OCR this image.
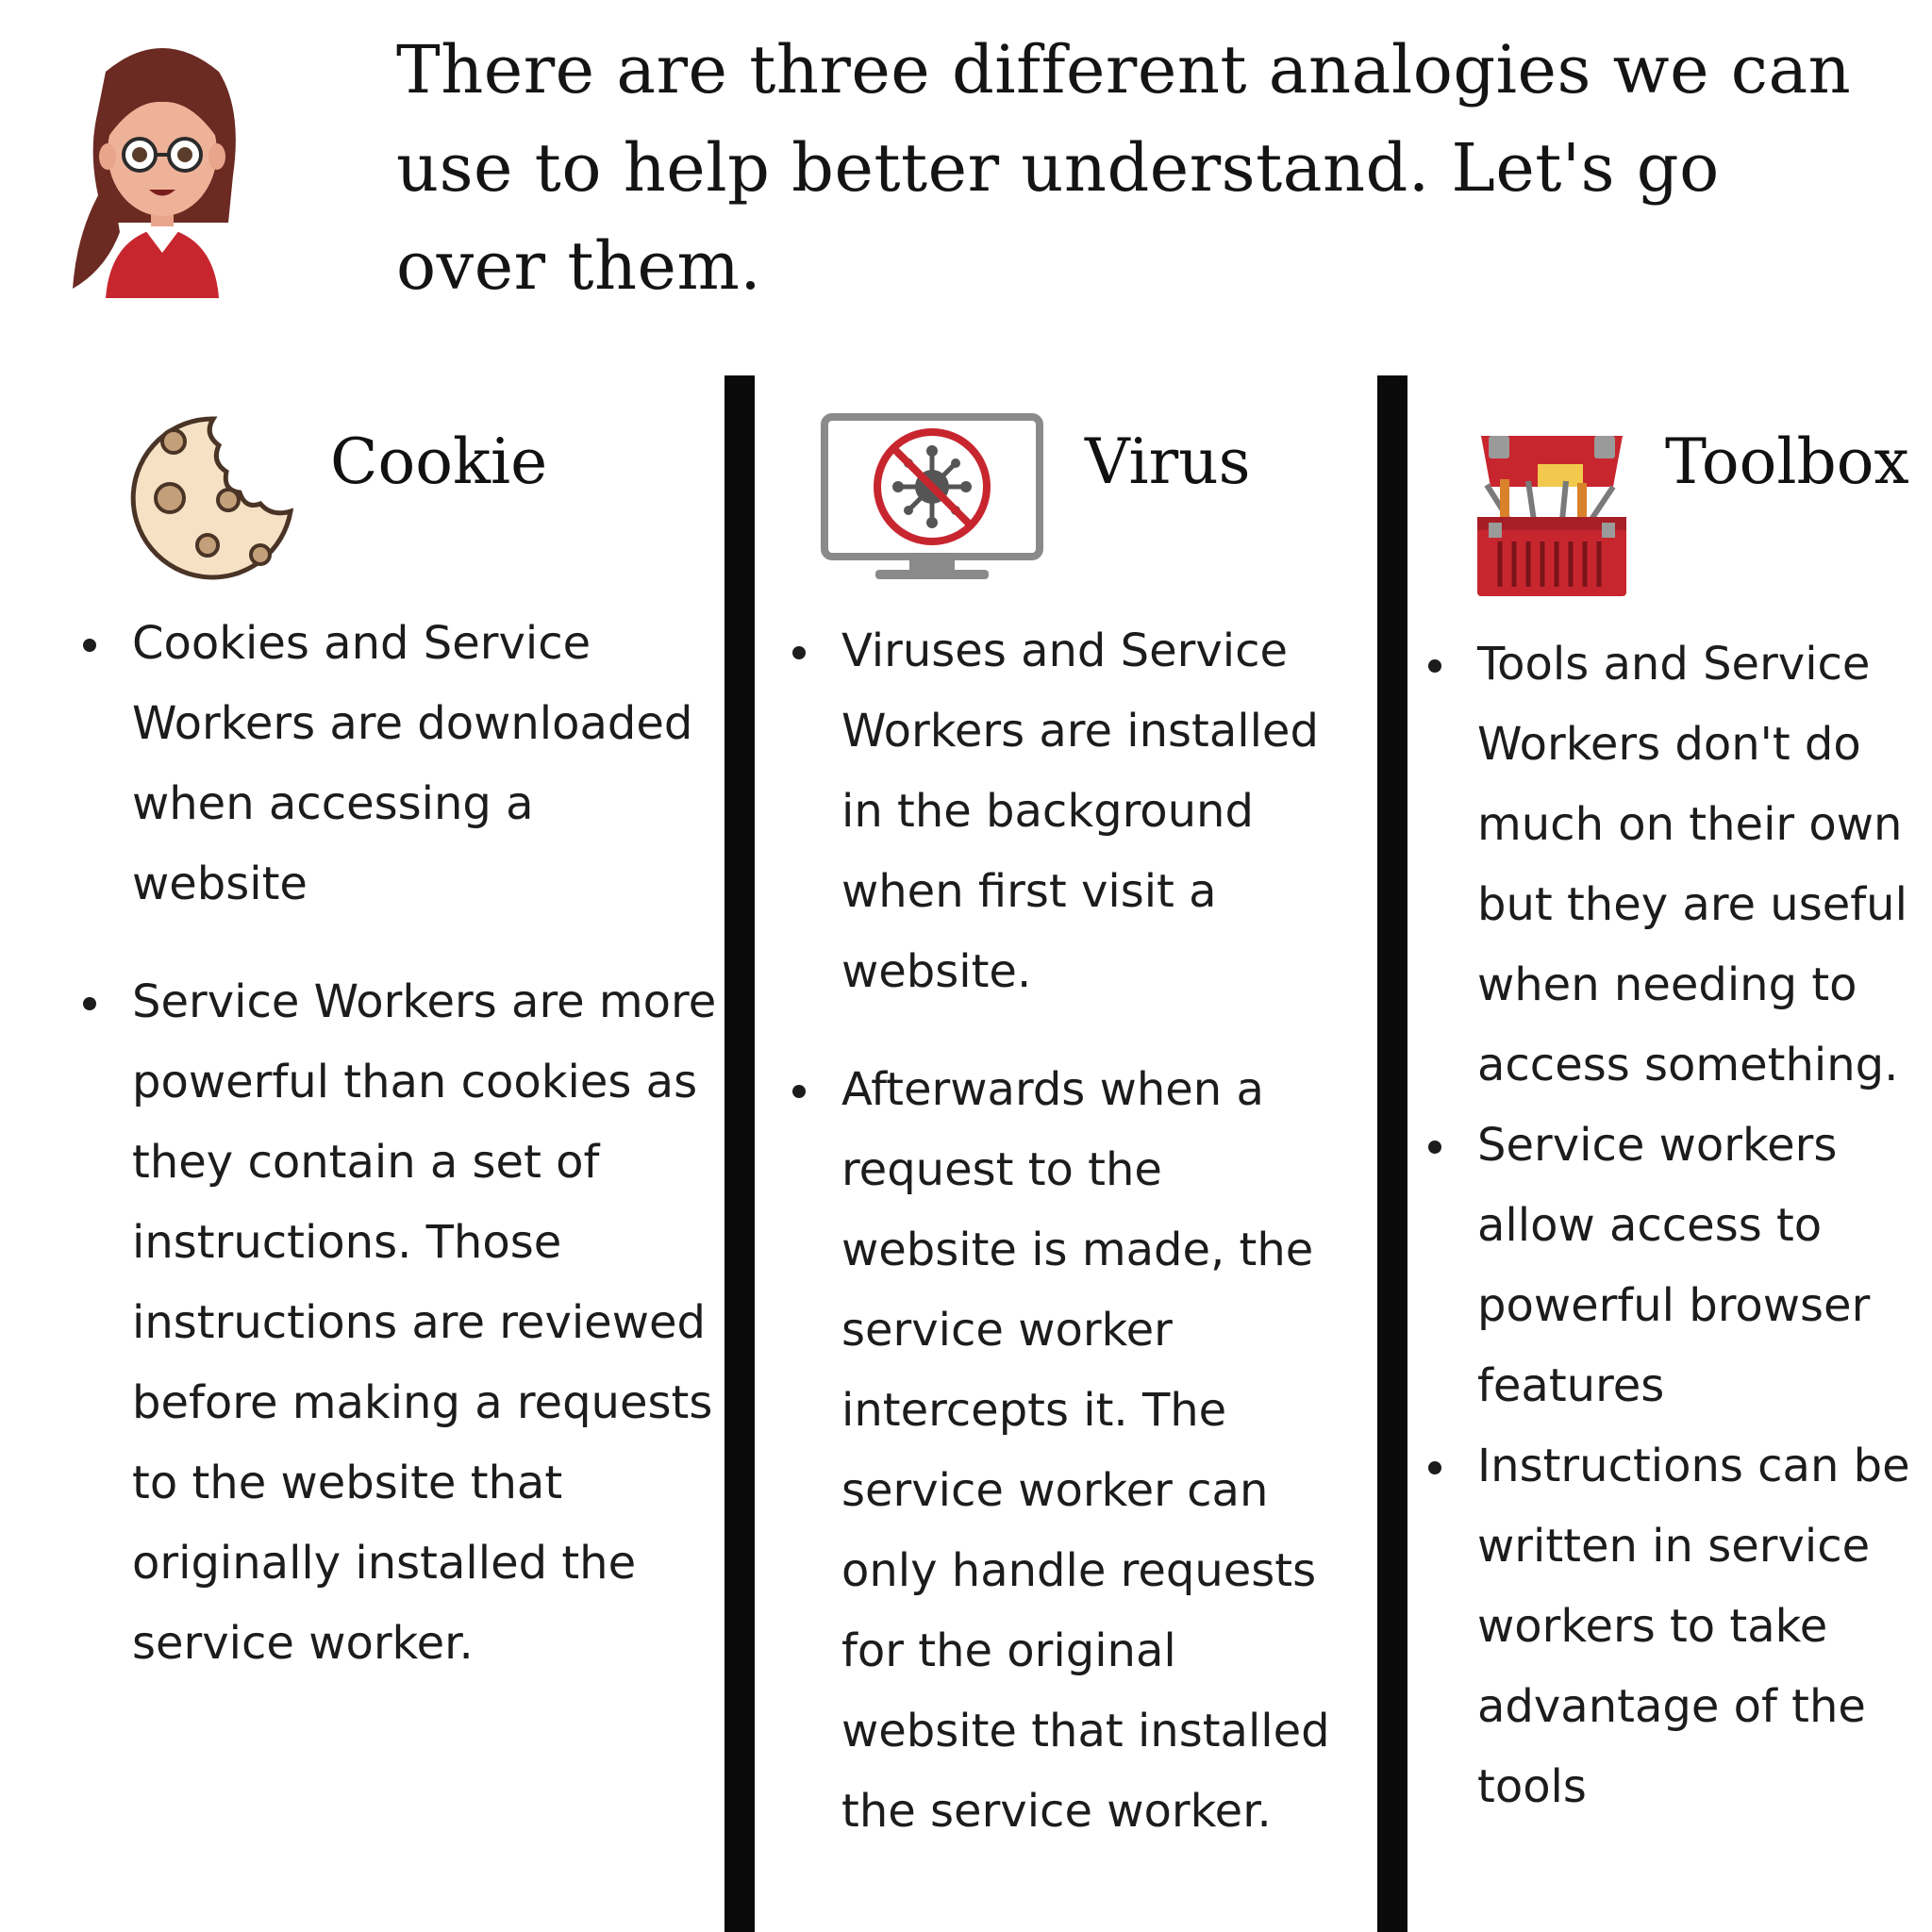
There are three different analogies we can use to help better understand. Let's go over them.

Cookie
Cookies and Service Workers are downloaded when accessing a website
Service Workers are more powerful than cookies as they contain a set of instructions. Those instructions are reviewed before making a requests to the website that originally installed the service worker.
Virus
Viruses and Service Workers are installed in the background when first visit a website.
Afterwards when a request to the website is made, the service worker intercepts it. The service worker can only handle requests for the original website that installed the service worker.
Toolbox
Tools and Service Workers don't do much on their own but they are useful when needing to access something.
Service workers allow access to powerful browser features
Instructions can be written in service workers to take advantage of the tools
